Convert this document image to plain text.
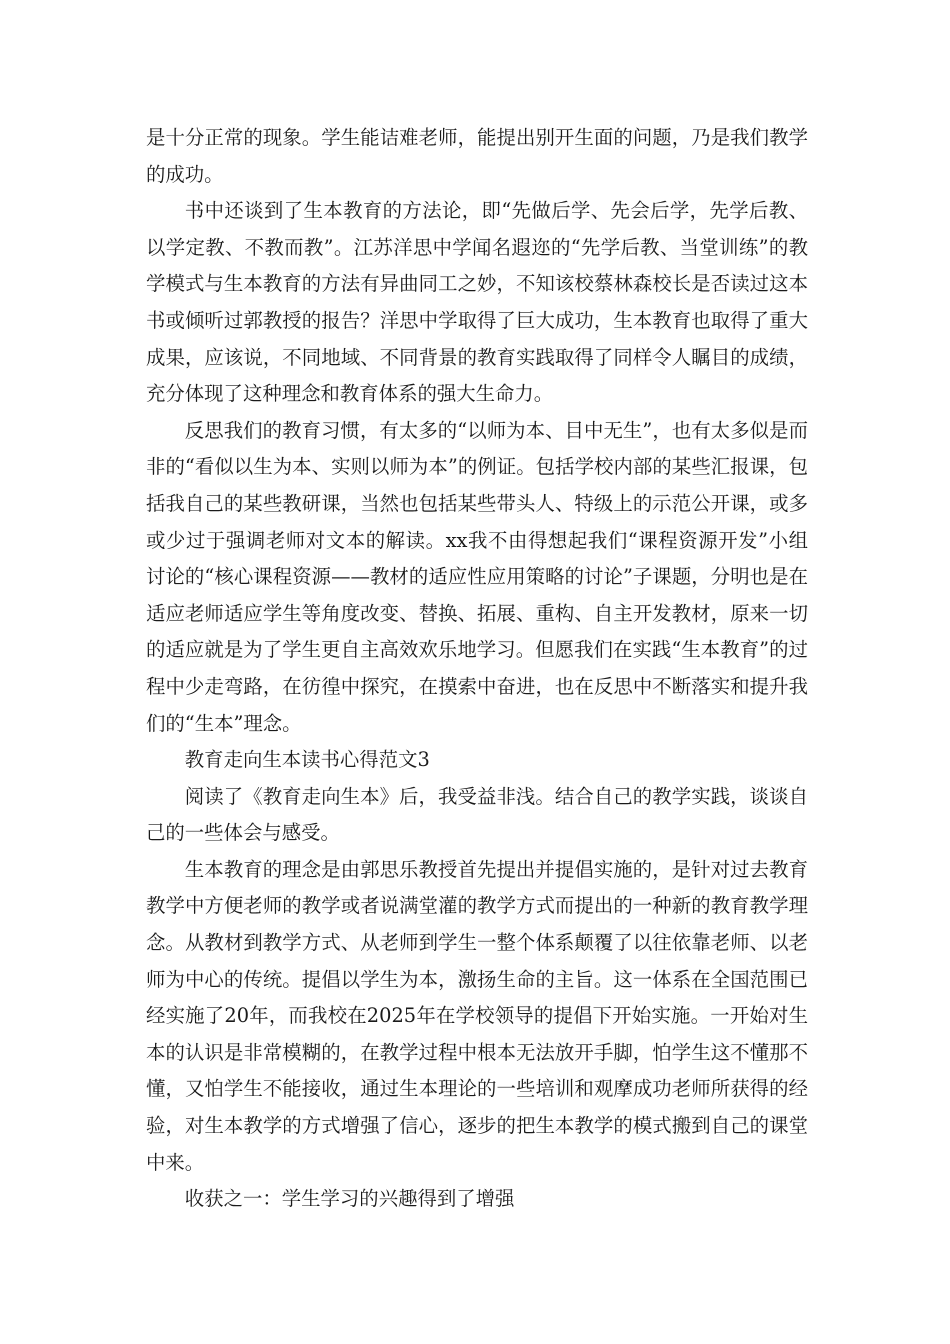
是十分正常的现象。学生能诘难老师，能提出别开生面的问题，乃是我们教学的成功。

书中还谈到了生本教育的方法论，即“先做后学、先会后学，先学后教、以学定教、不教而教”。江苏洋思中学闻名遐迩的“先学后教、当堂训练”的教学模式与生本教育的方法有异曲同工之妙，不知该校蔡林森校长是否读过这本书或倾听过郭教授的报告？洋思中学取得了巨大成功，生本教育也取得了重大成果，应该说，不同地域、不同背景的教育实践取得了同样令人瞩目的成绩，充分体现了这种理念和教育体系的强大生命力。

反思我们的教育习惯，有太多的“以师为本、目中无生”，也有太多似是而非的“看似以生为本、实则以师为本”的例证。包括学校内部的某些汇报课，包括我自己的某些教研课，当然也包括某些带头人、特级上的示范公开课，或多或少过于强调老师对文本的解读。xx我不由得想起我们“课程资源开发”小组讨论的“核心课程资源——教材的适应性应用策略的讨论”子课题，分明也是在适应老师适应学生等角度改变、替换、拓展、重构、自主开发教材，原来一切的适应就是为了学生更自主高效欢乐地学习。但愿我们在实践“生本教育”的过程中少走弯路，在彷徨中探究，在摸索中奋进，也在反思中不断落实和提升我们的“生本”理念。

教育走向生本读书心得范文3

阅读了《教育走向生本》后，我受益非浅。结合自己的教学实践，谈谈自己的一些体会与感受。

生本教育的理念是由郭思乐教授首先提出并提倡实施的，是针对过去教育教学中方便老师的教学或者说满堂灌的教学方式而提出的一种新的教育教学理念。从教材到教学方式、从老师到学生一整个体系颠覆了以往依靠老师、以老师为中心的传统。提倡以学生为本，激扬生命的主旨。这一体系在全国范围已经实施了20年，而我校在2025年在学校领导的提倡下开始实施。一开始对生本的认识是非常模糊的，在教学过程中根本无法放开手脚，怕学生这不懂那不懂，又怕学生不能接收，通过生本理论的一些培训和观摩成功老师所获得的经验，对生本教学的方式增强了信心，逐步的把生本教学的模式搬到自己的课堂中来。

收获之一：学生学习的兴趣得到了增强
